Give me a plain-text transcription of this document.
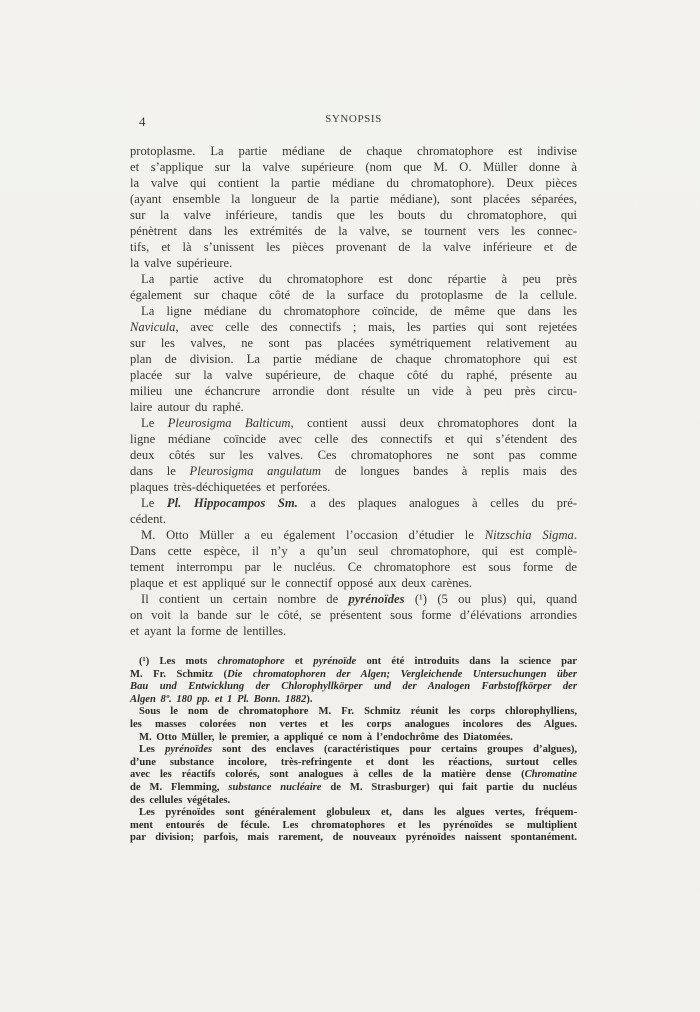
4	SYNOPSIS
protoplasme. La partie médiane de chaque chromatophore est indivise
et s’applique sur la valve supérieure (nom que M. O. Müller donne à
la valve qui contient la partie médiane du chromatophore). Deux pièces
(ayant ensemble la longueur de la partie médiane), sont placées séparées,
sur la valve inférieure, tandis que les bouts du chromatophore, qui
pénètrent dans les extrémités de la valve, se tournent vers les connec-
tifs, et là s’unissent les pièces provenant de la valve inférieure et de
la valve supérieure.
La partie active du chromatophore est donc répartie à peu près
également sur chaque côté de la surface du protoplasme de la cellule.
La ligne médiane du chromatophore coïncide, de même que dans les
Navicula, avec celle des connectifs ; mais, les parties qui sont rejetées
sur les valves, ne sont pas placées symétriquement relativement au
plan de division. La partie médiane de chaque chromatophore qui est
placée sur la valve supérieure, de chaque côté du raphé, présente au
milieu une échancrure arrondie dont résulte un vide à peu près circu-
laire autour du raphé.
Le Pleurosigma Balticum, contient aussi deux chromatophores dont la
ligne médiane coïncide avec celle des connectifs et qui s’étendent des
deux côtés sur les valves. Ces chromatophores ne sont pas comme
dans le Pleurosigma angulatum de longues bandes à replis mais des
plaques très-déchiquetées et perforées.
Le Pl. Hippocampos Sm. a des plaques analogues à celles du pré-
cédent.
M. Otto Müller a eu également l’occasion d’étudier le Nitzschia Sigma.
Dans cette espèce, il n’y a qu’un seul chromatophore, qui est complè-
tement interrompu par le nucléus. Ce chromatophore est sous forme de
plaque et est appliqué sur le connectif opposé aux deux carènes.
Il contient un certain nombre de pyrénoïdes (¹) (5 ou plus) qui, quand
on voit la bande sur le côté, se présentent sous forme d’élévations arrondies
et ayant la forme de lentilles.
(¹) Les mots chromatophore et pyrénoïde ont été introduits dans la science par
M. Fr. Schmitz (Die chromatophoren der Algen; Vergleichende Untersuchungen über
Bau und Entwicklung der Chlorophyllkörper und der Analogen Farbstoffkörper der
Algen 8º. 180 pp. et 1 Pl. Bonn. 1882).
Sous le nom de chromatophore M. Fr. Schmitz réunit les corps chlorophylliens,
les masses colorées non vertes et les corps analogues incolores des Algues.
M. Otto Müller, le premier, a appliqué ce nom à l’endochrôme des Diatomées.
Les pyrénoïdes sont des enclaves (caractéristiques pour certains groupes d’algues),
d’une substance incolore, très-refringente et dont les réactions, surtout celles
avec les réactifs colorés, sont analogues à celles de la matière dense (Chromatine
de M. Flemming, substance nucléaire de M. Strasburger) qui fait partie du nucléus
des cellules végétales.
Les pyrénoïdes sont généralement globuleux et, dans les algues vertes, fréquem-
ment entourés de fécule. Les chromatophores et les pyrénoïdes se multiplient
par division; parfois, mais rarement, de nouveaux pyrénoïdes naissent spontanément.
